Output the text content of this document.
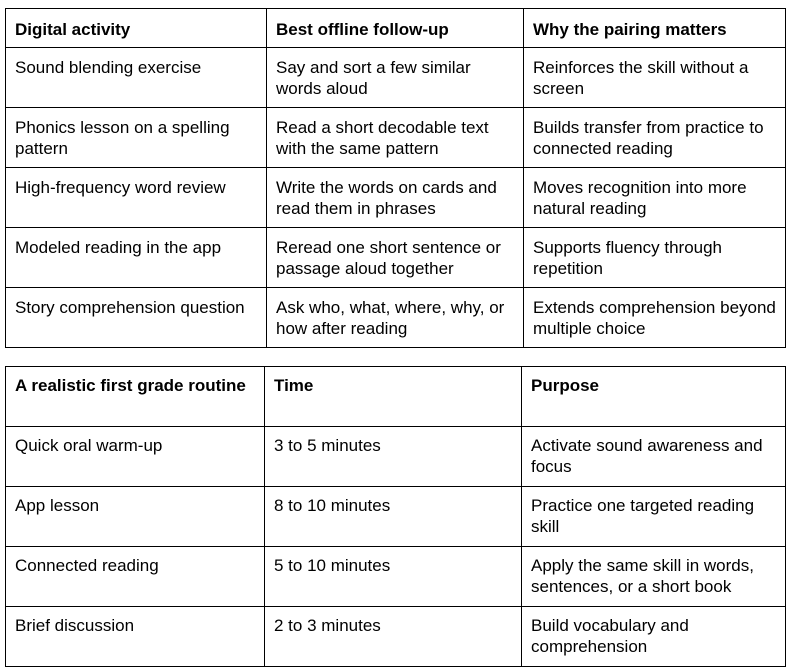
Digital activity	Best offline follow-up	Why the pairing matters
Sound blending exercise	Say and sort a few similar words aloud	Reinforces the skill without a screen
Phonics lesson on a spelling pattern	Read a short decodable text with the same pattern	Builds transfer from practice to connected reading
High-frequency word review	Write the words on cards and read them in phrases	Moves recognition into more natural reading
Modeled reading in the app	Reread one short sentence or passage aloud together	Supports fluency through repetition
Story comprehension question	Ask who, what, where, why, or how after reading	Extends comprehension beyond multiple choice
A realistic first grade routine	Time	Purpose
Quick oral warm-up	3 to 5 minutes	Activate sound awareness and focus
App lesson	8 to 10 minutes	Practice one targeted reading skill
Connected reading	5 to 10 minutes	Apply the same skill in words, sentences, or a short book
Brief discussion	2 to 3 minutes	Build vocabulary and comprehension
